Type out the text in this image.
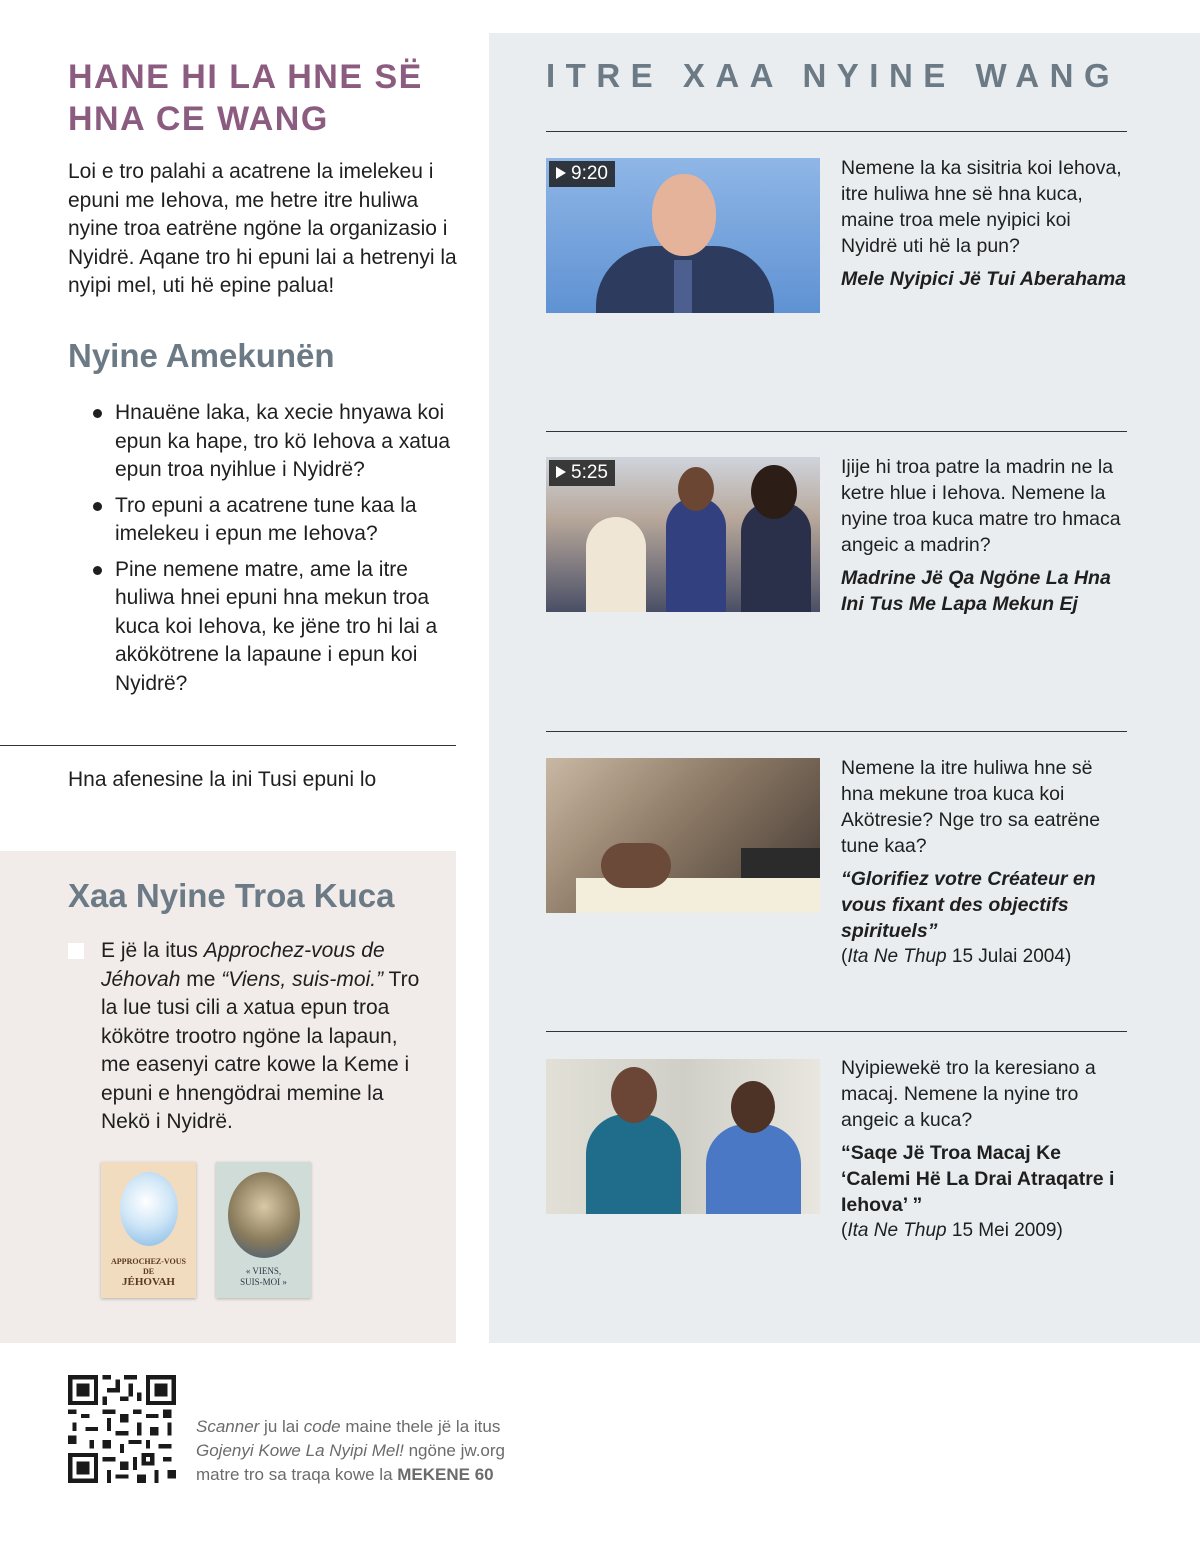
HANE HI LA HNE SË HNA CE WANG

Loi e tro palahi a acatrene la imelekeu i epuni me Iehova, me hetre itre huliwa nyine troa eatrëne ngöne la organizasio i Nyidrë. Aqane tro hi epuni lai a hetrenyi la nyipi mel, uti hë epine palua!

Nyine Amekunën
Hnauëne laka, ka xecie hnyawa koi epun ka hape, tro kö Iehova a xatua epun troa nyihlue i Nyidrë?
Tro epuni a acatrene tune kaa la imelekeu i epun me Iehova?
Pine nemene matre, ame la itre huliwa hnei epuni hna mekun troa kuca koi Iehova, ke jëne tro hi lai a akökötrene la lapaune i epun koi Nyidrë?

Hna afenesine la ini Tusi epuni lo

Xaa Nyine Troa Kuca

E jë la itus Approchez-vous de Jéhovah me “Viens, suis-moi.” Tro la lue tusi cili a xatua epun troa kökötre trootro ngöne la lapaun, me easenyi catre kowe la Keme i epuni e hnengödrai memine la Nekö i Nyidrë.

APPROCHEZ-VOUS
DE
JÉHOVAH
« VIENS,
SUIS-MOI »
ITRE XAA NYINE WANG
9:20	Nemene la ka sisitria koi Iehova, itre huliwa hne së hna kuca, maine troa mele nyipici koi Nyidrë uti hë la pun?

Mele Nyipici Jë Tui Aberahama

5:25	Ijije hi troa patre la madrin ne la ketre hlue i Iehova. Nemene la nyine troa kuca matre tro hmaca angeic a madrin?

Madrine Jë Qa Ngöne La Hna Ini Tus Me Lapa Mekun Ej

Nemene la itre huliwa hne së hna mekune troa kuca koi Akötresie? Nge tro sa eatrëne tune kaa?

“Glorifiez votre Créateur en vous fixant des objectifs spirituels”

(Ita Ne Thup 15 Julai 2004)

Nyipiewekë tro la keresiano a macaj. Nemene la nyine tro angeic a kuca?

“Saqe Jë Troa Macaj Ke ‘Calemi Hë La Drai Atraqatre i Iehova’ ”

(Ita Ne Thup 15 Mei 2009)

Scanner ju lai code maine thele jë la itus
Gojenyi Kowe La Nyipi Mel! ngöne jw.org
matre tro sa traqa kowe la MEKENE 60
